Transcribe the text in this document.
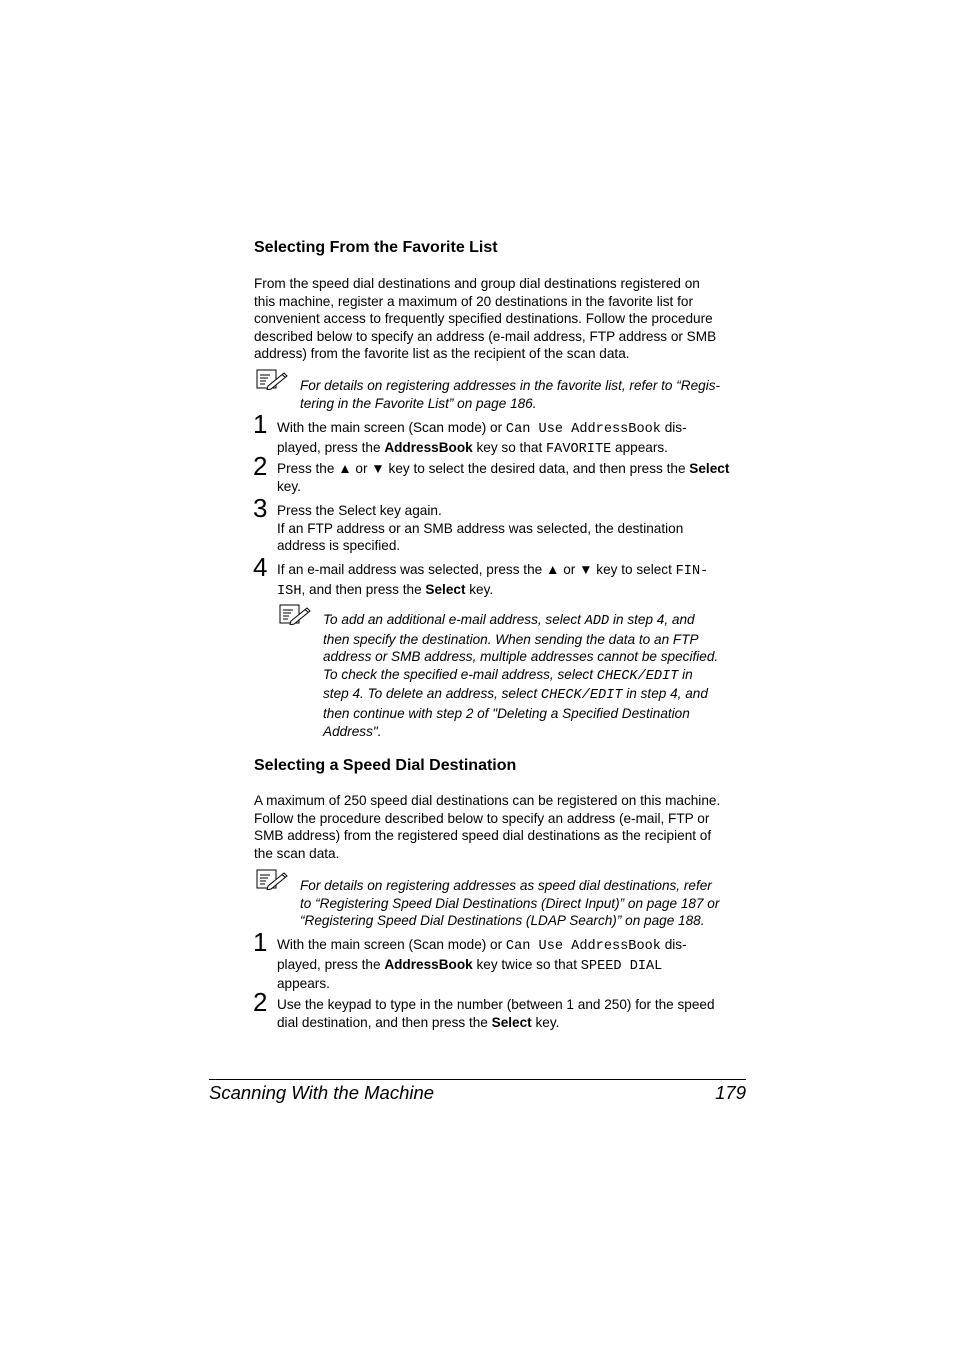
Selecting From the Favorite List

From the speed dial destinations and group dial destinations registered on

this machine, register a maximum of 20 destinations in the favorite list for

convenient access to frequently specified destinations. Follow the procedure

described below to specify an address (e-mail address, FTP address or SMB

address) from the favorite list as the recipient of the scan data.

For details on registering addresses in the favorite list, refer to “Regis-

tering in the Favorite List” on page 186.

1 With the main screen (Scan mode) or Can Use AddressBook dis-

played, press the AddressBook key so that FAVORITE appears.

2 Press the ▲ or ▼ key to select the desired data, and then press the Select

key.

3 Press the Select key again.

If an FTP address or an SMB address was selected, the destination

address is specified.

4 If an e-mail address was selected, press the ▲ or ▼ key to select FIN-

ISH, and then press the Select key.

To add an additional e-mail address, select ADD in step 4, and

then specify the destination. When sending the data to an FTP

address or SMB address, multiple addresses cannot be specified.

To check the specified e-mail address, select CHECK/EDIT in

step 4. To delete an address, select CHECK/EDIT in step 4, and

then continue with step 2 of "Deleting a Specified Destination

Address".

Selecting a Speed Dial Destination

A maximum of 250 speed dial destinations can be registered on this machine.

Follow the procedure described below to specify an address (e-mail, FTP or

SMB address) from the registered speed dial destinations as the recipient of

the scan data.

For details on registering addresses as speed dial destinations, refer

to “Registering Speed Dial Destinations (Direct Input)” on page 187 or

“Registering Speed Dial Destinations (LDAP Search)” on page 188.

1 With the main screen (Scan mode) or Can Use AddressBook dis-

played, press the AddressBook key twice so that SPEED DIAL

appears.

2 Use the keypad to type in the number (between 1 and 250) for the speed

dial destination, and then press the Select key.

Scanning With the Machine	179
